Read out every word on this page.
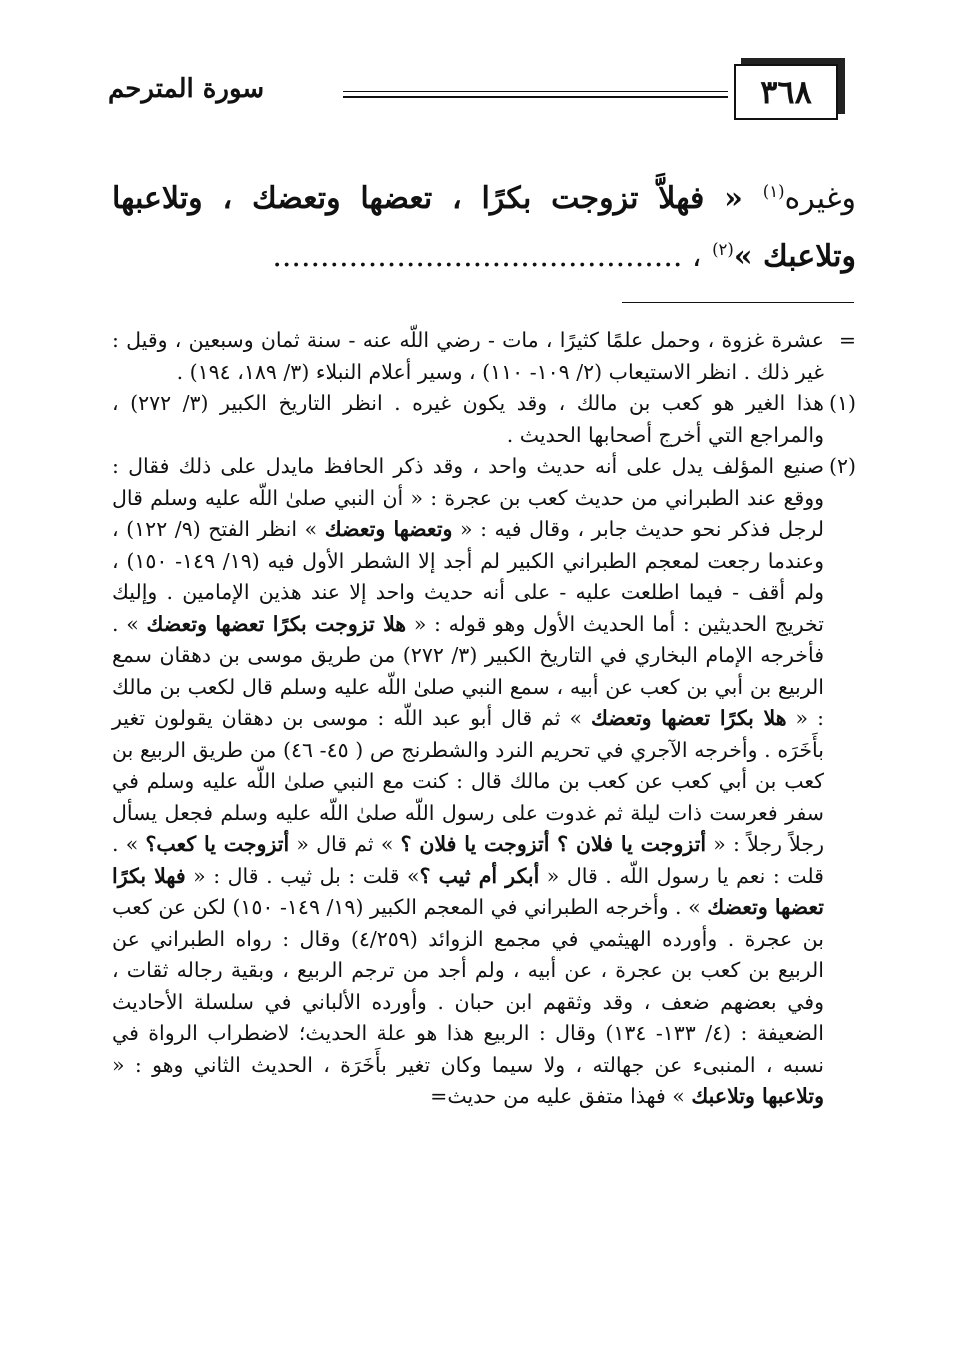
٣٦٨
سورة المترحم
وغيره$^{(١)}$ « فهلاَّ تزوجت بكرًا ، تعضها وتعضك ، وتلاعبها وتلاعبك »$^{(٢)}$ ، ...........................................
=
عشرة غزوة ، وحمل علمًا كثيرًا ، مات - رضي اللّه عنه - سنة ثمان وسبعين ، وقيل : غير ذلك . انظر الاستيعاب (٢/ ١٠٩- ١١٠) ، وسير أعلام النبلاء (٣/ ١٨٩، ١٩٤) .
(١)
هذا الغير هو كعب بن مالك ، وقد يكون غيره . انظر التاريخ الكبير (٣/ ٢٧٢) ، والمراجع التي أخرج أصحابها الحديث .
(٢)
صنيع المؤلف يدل على أنه حديث واحد ، وقد ذكر الحافظ مايدل على ذلك فقال : ووقع عند الطبراني من حديث كعب بن عجرة : « أن النبي صلىٰ اللّه عليه وسلم قال لرجل فذكر نحو حديث جابر ، وقال فيه : « وتعضها وتعضك » انظر الفتح (٩/ ١٢٢) ، وعندما رجعت لمعجم الطبراني الكبير لم أجد إلا الشطر الأول فيه (١٩/ ١٤٩- ١٥٠) ، ولم أقف - فيما اطلعت عليه - على أنه حديث واحد إلا عند هذين الإمامين . وإليك تخريج الحديثين : أما الحديث الأول وهو قوله : « هلا تزوجت بكرًا تعضها وتعضك » . فأخرجه الإمام البخاري في التاريخ الكبير (٣/ ٢٧٢) من طريق موسى بن دهقان سمع الربيع بن أبي بن كعب عن أبيه ، سمع النبي صلىٰ اللّه عليه وسلم قال لكعب بن مالك : « هلا بكرًا تعضها وتعضك » ثم قال أبو عبد اللّه : موسى بن دهقان يقولون تغير بأَخَرَه . وأخرجه الآجري في تحريم النرد والشطرنج ص ( ٤٥- ٤٦) من طريق الربيع بن كعب بن أبي كعب عن كعب بن مالك قال : كنت مع النبي صلىٰ اللّه عليه وسلم في سفر فعرست ذات ليلة ثم غدوت على رسول اللّه صلىٰ اللّه عليه وسلم فجعل يسأل رجلاً رجلاً : « أتزوجت يا فلان ؟ أتزوجت يا فلان ؟ » ثم قال « أتزوجت يا كعب؟ » . قلت : نعم يا رسول اللّه . قال « أبكر أم ثيب ؟» قلت : بل ثيب . قال : « فهلا بكرًا تعضها وتعضك » . وأخرجه الطبراني في المعجم الكبير (١٩/ ١٤٩- ١٥٠) لكن عن كعب بن عجرة . وأورده الهيثمي في مجمع الزوائد (٤/٢٥٩) وقال : رواه الطبراني عن الربيع بن كعب بن عجرة ، عن أبيه ، ولم أجد من ترجم الربيع ، وبقية رجاله ثقات ، وفي بعضهم ضعف ، وقد وثقهم ابن حبان . وأورده الألباني في سلسلة الأحاديث الضعيفة : (٤/ ١٣٣- ١٣٤) وقال : الربيع هذا هو علة الحديث؛ لاضطراب الرواة في نسبه ، المنبىء عن جهالته ، ولا سيما وكان تغير بأَخَرَة ، الحديث الثاني وهو : « وتلاعبها وتلاعبك » فهذا متفق عليه من حديث=
